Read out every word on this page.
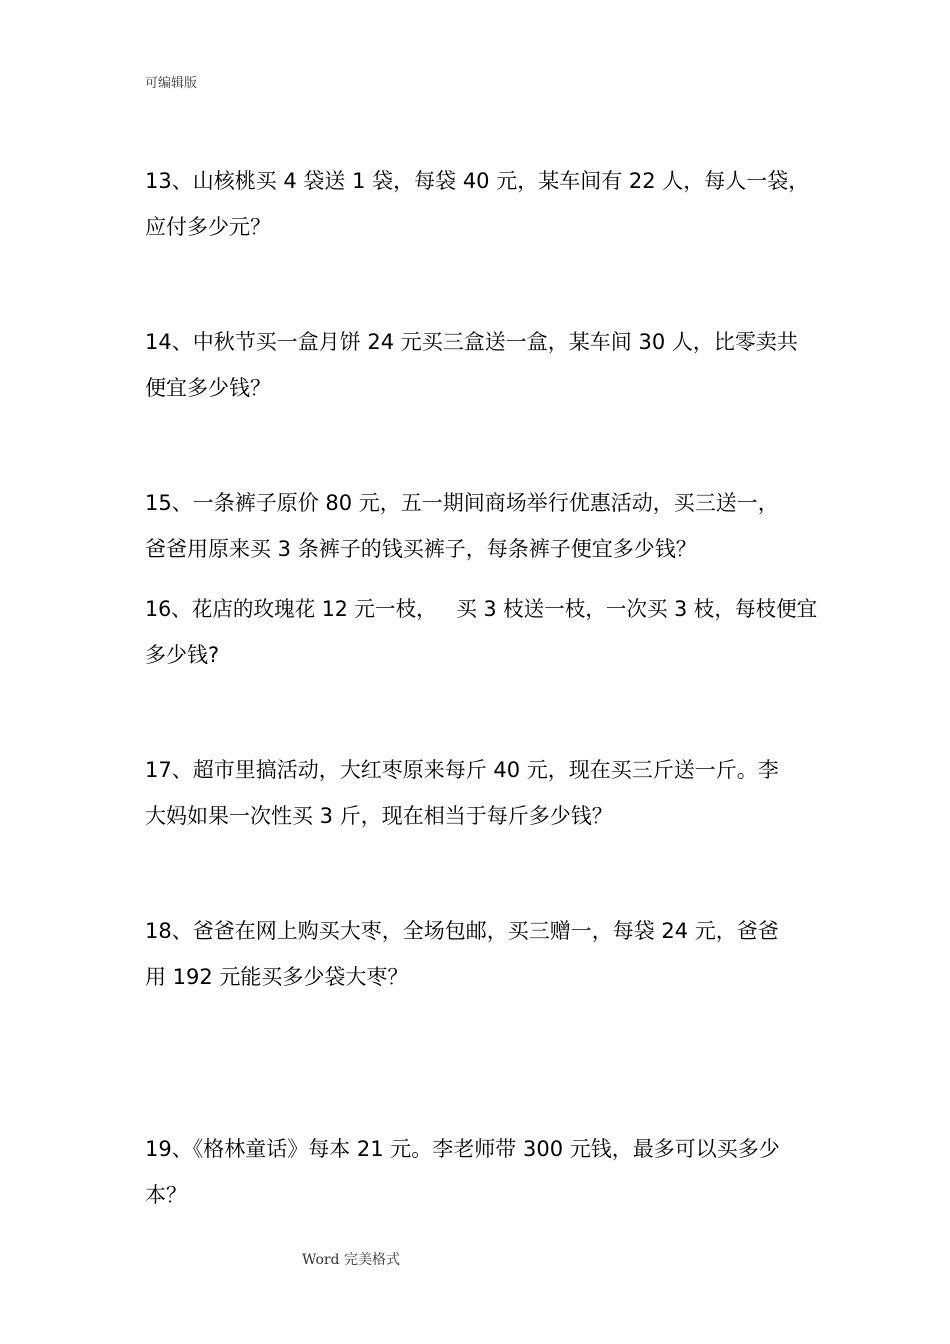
可编辑版
13、山核桃买 4 袋送 1 袋，每袋 40 元，某车间有 22 人，每人一袋，
应付多少元？
14、中秋节买一盒月饼 24 元买三盒送一盒，某车间 30 人，比零卖共
便宜多少钱？
15、一条裤子原价 80 元，五一期间商场举行优惠活动，买三送一，
爸爸用原来买 3 条裤子的钱买裤子，每条裤子便宜多少钱？
16、花店的玫瑰花 12 元一枝，   买 3 枝送一枝，一次买 3 枝，每枝便宜
多少钱?
17、超市里搞活动，大红枣原来每斤 40 元，现在买三斤送一斤。李
大妈如果一次性买 3 斤，现在相当于每斤多少钱？
18、爸爸在网上购买大枣，全场包邮，买三赠一，每袋 24 元，爸爸
用 192 元能买多少袋大枣？
19、《格林童话》每本 21 元。李老师带 300 元钱，最多可以买多少
本？
Word 完美格式
